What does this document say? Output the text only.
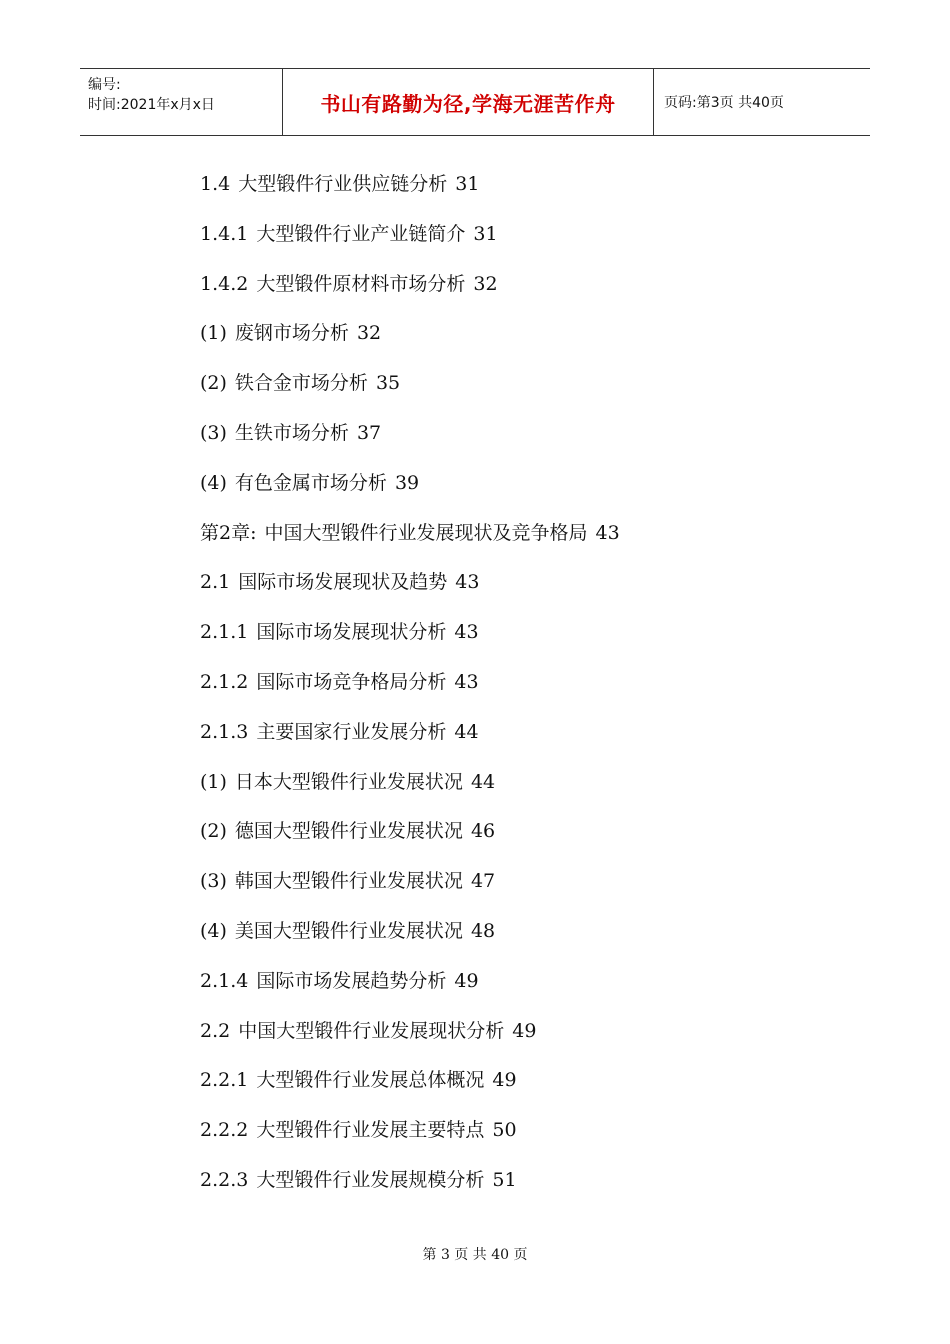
编号:
时间:2021年x月x日	书山有路勤为径,学海无涯苦作舟	页码:第3页 共40页
1.4 大型锻件行业供应链分析 31
1.4.1 大型锻件行业产业链简介 31
1.4.2 大型锻件原材料市场分析 32
(1) 废钢市场分析 32
(2) 铁合金市场分析 35
(3) 生铁市场分析 37
(4) 有色金属市场分析 39
第2章: 中国大型锻件行业发展现状及竞争格局 43
2.1 国际市场发展现状及趋势 43
2.1.1 国际市场发展现状分析 43
2.1.2 国际市场竞争格局分析 43
2.1.3 主要国家行业发展分析 44
(1) 日本大型锻件行业发展状况 44
(2) 德国大型锻件行业发展状况 46
(3) 韩国大型锻件行业发展状况 47
(4) 美国大型锻件行业发展状况 48
2.1.4 国际市场发展趋势分析 49
2.2 中国大型锻件行业发展现状分析 49
2.2.1 大型锻件行业发展总体概况 49
2.2.2 大型锻件行业发展主要特点 50
2.2.3 大型锻件行业发展规模分析 51
第 3 页 共 40 页
